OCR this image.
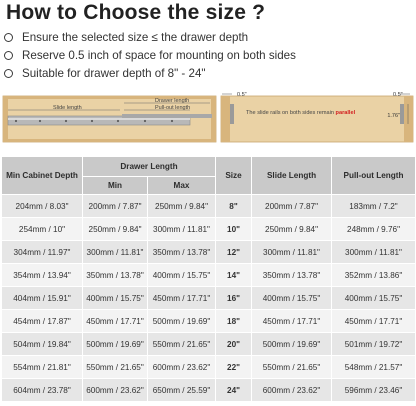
How to Choose the size ?
Ensure the selected size ≤ the drawer depth
Reserve 0.5 inch of space for mounting on both sides
Suitable for drawer depth of 8" - 24"
Slide length
Drawer length
Pull-out length
0.5"	0.5"
The slide rails on both sides remain parallel	1.76"
Min Cabinet Depth	Drawer Length		Size	Slide Length	Pull-out Length
	Min	Max			
204mm / 8.03"	200mm / 7.87"	250mm / 9.84"	8"	200mm / 7.87"	183mm / 7.2"
254mm / 10"	250mm / 9.84"	300mm / 11.81"	10"	250mm / 9.84"	248mm / 9.76"
304mm / 11.97"	300mm / 11.81"	350mm / 13.78"	12"	300mm / 11.81"	300mm / 11.81"
354mm / 13.94"	350mm / 13.78"	400mm / 15.75"	14"	350mm / 13.78"	352mm / 13.86"
404mm / 15.91"	400mm / 15.75"	450mm / 17.71"	16"	400mm / 15.75"	400mm / 15.75"
454mm / 17.87"	450mm / 17.71"	500mm / 19.69"	18"	450mm / 17.71"	450mm / 17.71"
504mm / 19.84"	500mm / 19.69"	550mm / 21.65"	20"	500mm / 19.69"	501mm / 19.72"
554mm / 21.81"	550mm / 21.65"	600mm / 23.62"	22"	550mm / 21.65"	548mm / 21.57"
604mm / 23.78"	600mm / 23.62"	650mm / 25.59"	24"	600mm / 23.62"	596mm / 23.46"
